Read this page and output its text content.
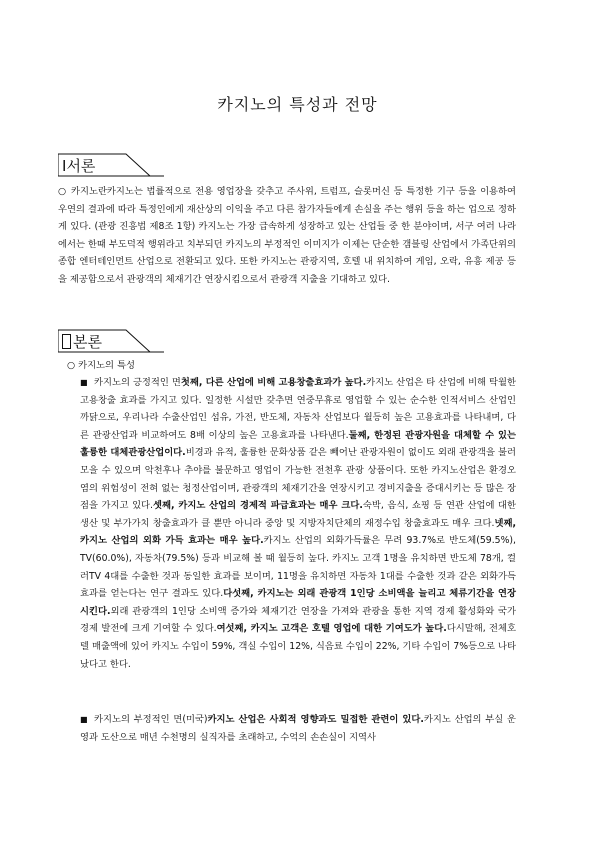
카지노의 특성과 전망
Ⅰ서론
○ 카지노란카지노는 법률적으로 전용 영업장을 갖추고 주사위, 트럼프, 슬롯머신 등 특정한 기구 등을 이용하여 우연의 결과에 따라 특정인에게 재산상의 이익을 주고 다른 참가자들에게 손실을 주는 행위 등을 하는 업으로 정하게 있다. (관광 진흥법 제8조 1항) 카지노는 가장 급속하게 성장하고 있는 산업들 중 한 분야이며, 서구 여러 나라에서는 한때 부도덕적 행위라고 치부되던 카지노의 부정적인 이미지가 이제는 단순한 갬블링 산업에서 가족단위의 종합 엔터테인먼트 산업으로 전환되고 있다. 또한 카지노는 관광지역, 호텔 내 위치하여 게임, 오락, 유흥 제공 등을 제공함으로서 관광객의 체재기간 연장시킴으로서 관광객 지출을 기대하고 있다.

본론
○ 카지노의 특성
■ 카지노의 긍정적인 면첫째, 다른 산업에 비해 고용창출효과가 높다.카지노 산업은 타 산업에 비해 탁월한 고용창출 효과를 가지고 있다. 일정한 시설만 갖추면 연중무휴로 영업할 수 있는 순수한 인적서비스 산업인 까닭으로, 우리나라 수출산업인 섬유, 가전, 반도체, 자동차 산업보다 월등히 높은 고용효과를 나타내며, 다른 관광산업과 비교하여도 8배 이상의 높은 고용효과를 나타낸다.둘째, 한정된 관광자원을 대체할 수 있는 훌륭한 대체관광산업이다.비경과 유적, 훌륭한 문화상품 같은 빼어난 관광자원이 없이도 외래 관광객을 불러 모을 수 있으며 악천후나 추야를 불문하고 영업이 가능한 전천후 관광 상품이다. 또한 카지노산업은 환경오염의 위험성이 전혀 없는 청정산업이며, 관광객의 체재기간을 연장시키고 경비지출을 증대시키는 등 많은 장점을 가지고 있다.셋째, 카지노 산업의 경제적 파급효과는 매우 크다.숙박, 음식, 쇼핑 등 연관 산업에 대한 생산 및 부가가치 창출효과가 클 뿐만 아니라 중앙 및 지방자치단체의 재정수입 창출효과도 매우 크다.넷째, 카지노 산업의 외화 가득 효과는 매우 높다.카지노 산업의 외화가득률은 무려 93.7%로 반도체(59.5%), TV(60.0%), 자동차(79.5%) 등과 비교해 볼 때 월등히 높다. 카지노 고객 1명을 유치하면 반도체 78개, 컬러TV 4대를 수출한 것과 동일한 효과를 보이며, 11명을 유치하면 자동차 1대를 수출한 것과 같은 외화가득효과를 얻는다는 연구 결과도 있다.다섯째, 카지노는 외래 관광객 1인당 소비액을 늘리고 체류기간을 연장시킨다.외래 관광객의 1인당 소비액 증가와 체재기간 연장을 가져와 관광을 통한 지역 경제 활성화와 국가 경제 발전에 크게 기여할 수 있다.여섯째, 카지노 고객은 호텔 영업에 대한 기여도가 높다.다시말해, 전체호텔 매출액에 있어 카지노 수입이 59%, 객실 수입이 12%, 식음료 수입이 22%, 기타 수입이 7%등으로 나타났다고 한다.

■ 카지노의 부정적인 면(미국)카지노 산업은 사회적 영향과도 밀접한 관련이 있다.카지노 산업의 부실 운영과 도산으로 매년 수천명의 실직자를 초래하고, 수억의 손손실이 지역사
